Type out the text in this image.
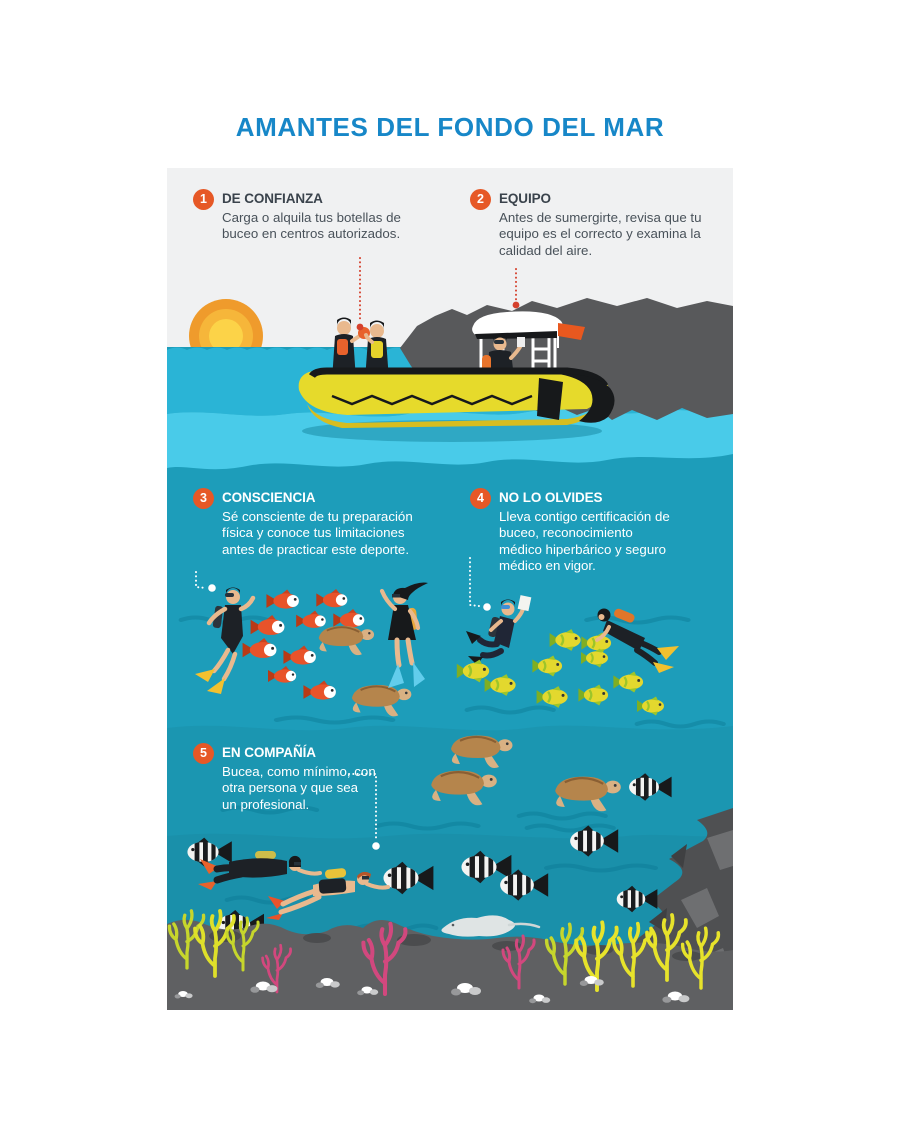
AMANTES DEL FONDO DEL MAR
1	DE CONFIANZA
Carga o alquila tus botellas de buceo en centros autorizados.
2	EQUIPO
Antes de sumergirte, revisa que tu equipo es el correcto y examina la calidad del aire.
3	CONSCIENCIA
Sé consciente de tu preparación física y conoce tus limitaciones antes de practicar este deporte.
4	NO LO OLVIDES
Lleva contigo certificación de buceo, reconocimiento médico hiperbárico y seguro médico en vigor.
5	EN COMPAÑÍA
Bucea, como mínimo, con otra persona y que sea un profesional.
